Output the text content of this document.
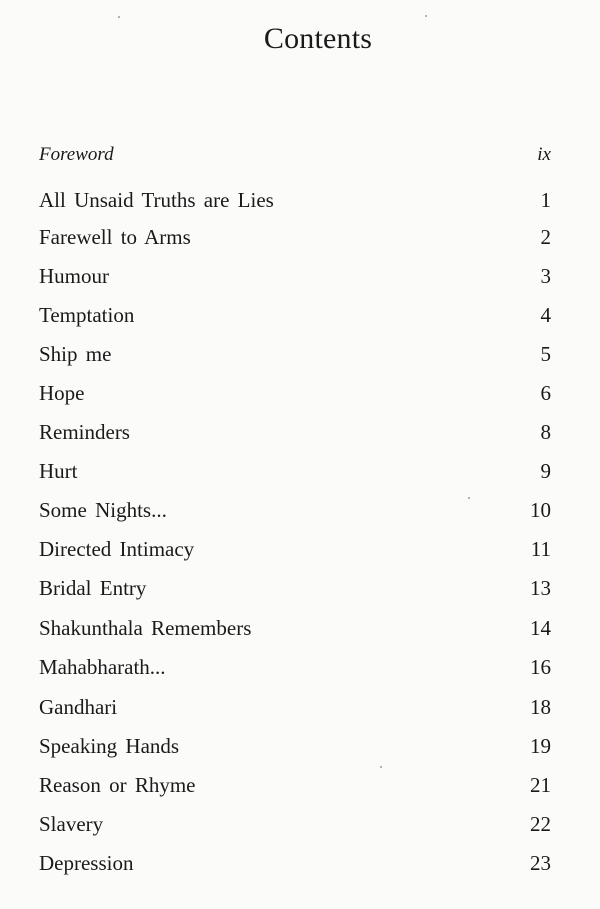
Contents
Foreword	ix
All Unsaid Truths are Lies	1
Farewell to Arms	2
Humour	3
Temptation	4
Ship me	5
Hope	6
Reminders	8
Hurt	9
Some Nights...	10
Directed Intimacy	11
Bridal Entry	13
Shakunthala Remembers	14
Mahabharath...	16
Gandhari	18
Speaking Hands	19
Reason or Rhyme	21
Slavery	22
Depression	23
